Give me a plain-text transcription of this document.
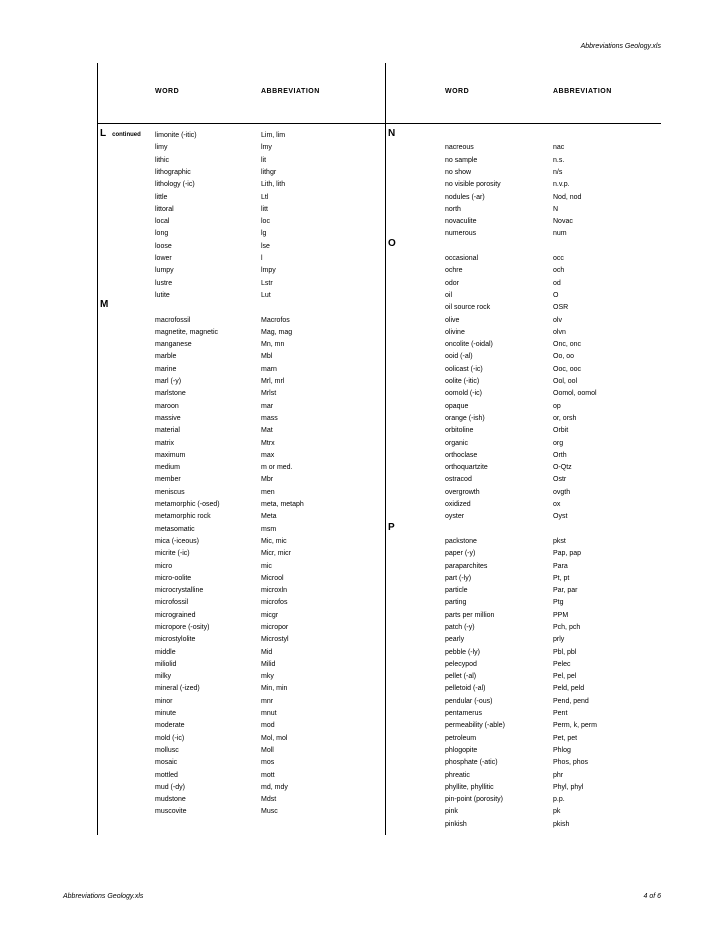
Abbreviations Geology.xls
WORD	ABBREVIATION	WORD	ABBREVIATION
L continued
M
N
O
P
limonite (-itic)	Lim, lim
limy	lmy
lithic	lit
lithographic	lithgr
lithology (-ic)	Lith, lith
little	Ltl
littoral	litt
local	loc
long	lg
loose	lse
lower	l
lumpy	lmpy
lustre	Lstr
lutite	Lut
macrofossil	Macrofos
magnetite, magnetic	Mag, mag
manganese	Mn, mn
marble	Mbl
marine	marn
marl (-y)	Mrl, mrl
marlstone	Mrlst
maroon	mar
massive	mass
material	Mat
matrix	Mtrx
maximum	max
medium	m or med.
member	Mbr
meniscus	men
metamorphic (-osed)	meta, metaph
metamorphic rock	Meta
metasomatic	msm
mica (-iceous)	Mic, mic
micrite (-ic)	Micr, micr
micro	mic
micro-oolite	Microol
microcrystalline	microxln
microfossil	microfos
micrograined	micgr
micropore (-osity)	micropor
microstylolite	Microstyl
middle	Mid
miliolid	Milid
milky	mky
mineral (-ized)	Min, min
minor	mnr
minute	mnut
moderate	mod
mold (-ic)	Mol, mol
mollusc	Moll
mosaic	mos
mottled	mott
mud (-dy)	md, mdy
mudstone	Mdst
muscovite	Musc
nacreous	nac
no sample	n.s.
no show	n/s
no visible porosity	n.v.p.
nodules (-ar)	Nod, nod
north	N
novaculite	Novac
numerous	num
occasional	occ
ochre	och
odor	od
oil	O
oil source rock	OSR
olive	olv
olivine	olvn
oncolite (-oidal)	Onc, onc
ooid (-al)	Oo, oo
oolicast (-ic)	Ooc, ooc
oolite (-itic)	Ool, ool
oomold (-ic)	Oomol, oomol
opaque	op
orange (-ish)	or, orsh
orbitoline	Orbit
organic	org
orthoclase	Orth
orthoquartzite	O-Qtz
ostracod	Ostr
overgrowth	ovgth
oxidized	ox
oyster	Oyst
packstone	pkst
paper (-y)	Pap, pap
paraparchites	Para
part (-ly)	Pt, pt
particle	Par, par
parting	Ptg
parts per million	PPM
patch (-y)	Pch, pch
pearly	prly
pebble (-ly)	Pbl, pbl
pelecypod	Pelec
pellet (-al)	Pel, pel
pelletoid (-al)	Peld, peld
pendular (-ous)	Pend, pend
pentamerus	Pent
permeability (-able)	Perm, k, perm
petroleum	Pet, pet
phlogopite	Phlog
phosphate (-atic)	Phos, phos
phreatic	phr
phyllite, phyllitic	Phyl, phyl
pin-point (porosity)	p.p.
pink	pk
pinkish	pkish
Abbreviations Geology.xls	4 of 6
